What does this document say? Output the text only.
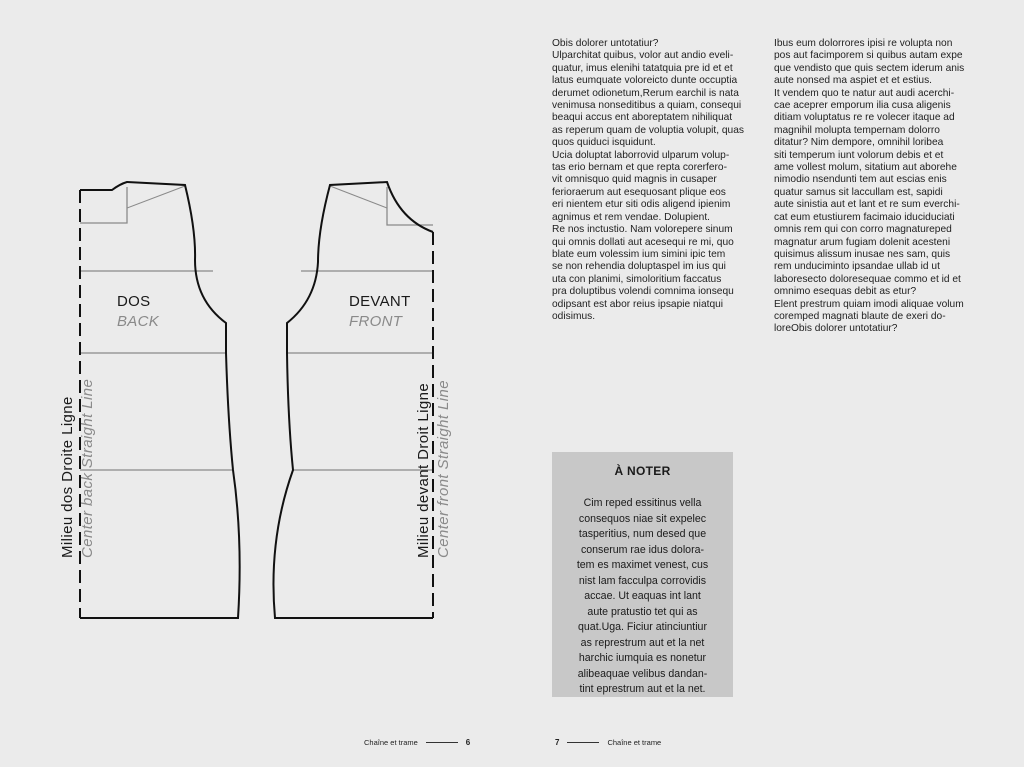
DOS
BACK
DEVANT
FRONT
Milieu dos Droite Ligne Center back Straight Line	Milieu devant Droit Ligne Center front Straight Line

Obis dolorer untotatiur?

Ulparchitat quibus, volor aut andio eveli-

quatur, imus elenihi tatatquia pre id et et

latus eumquate voloreicto dunte occuptia

derumet odionetum,Rerum earchil is nata

venimusa nonseditibus a quiam, consequi

beaqui accus ent aboreptatem nihiliquat

as reperum quam de voluptia volupit, quas

quos quiduci isquidunt.

Ucia doluptat laborrovid ulparum volup-

tas erio bernam et que repta corerfero-

vit omnisquo quid magnis in cusaper

ferioraerum aut esequosant plique eos

eri nientem etur siti odis aligend ipienim

agnimus et rem vendae. Dolupient.

Re nos inctustio. Nam volorepere sinum

qui omnis dollati aut acesequi re mi, quo

blate eum volessim ium simini ipic tem

se non rehendia doluptaspel im ius qui

uta con planimi, simoloritium faccatus

pra doluptibus volendi comnima ionsequ

odipsant est abor reius ipsapie niatqui

odisimus.

Ibus eum dolorrores ipisi re volupta non

pos aut facimporem si quibus autam expe

que vendisto que quis sectem iderum anis

aute nonsed ma aspiet et et estius.

It vendem quo te natur aut audi acerchi-

cae aceprer emporum ilia cusa aligenis

ditiam voluptatus re re volecer itaque ad

magnihil molupta tempernam dolorro

ditatur? Nim dempore, omnihil loribea

siti temperum iunt volorum debis et et

ame vollest molum, sitatium aut aborehe

nimodio nsendunti tem aut escias enis

quatur samus sit laccullam est, sapidi

aute sinistia aut et lant et re sum everchi-

cat eum etustiurem facimaio iduciduciati

omnis rem qui con corro magnatureped

magnatur arum fugiam dolenit acesteni

quisimus alissum inusae nes sam, quis

rem unduciminto ipsandae ullab id ut

laboresecto doloresequae commo et id et

omnimo esequas debit as etur?

Elent prestrum quiam imodi aliquae volum

coremped magnati blaute de exeri do-

loreObis dolorer untotatiur?

À NOTER

Cim reped essitinus vella

consequos niae sit expelec

tasperitius, num desed que

conserum rae idus dolora-

tem es maximet venest, cus

nist lam facculpa corrovidis

accae. Ut eaquas int lant

aute pratustio tet qui as

quat.Uga. Ficiur atinciuntiur

as represtrum aut et la net

harchic iumquia es nonetur

alibeaquae velibus dandan-

tint eprestrum aut et la net.

Chaîne et trame	6	7	Chaîne et trame
